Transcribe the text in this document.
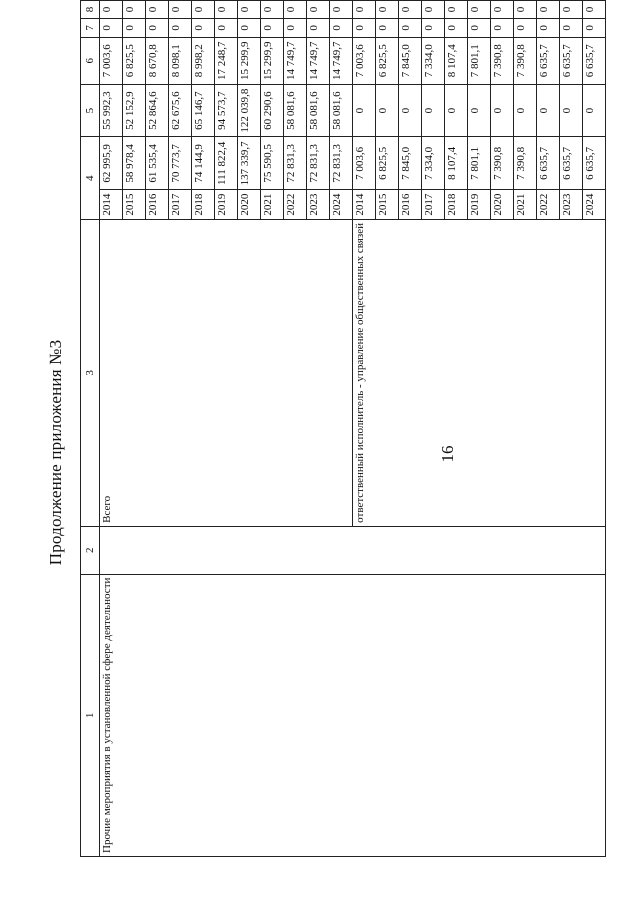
Продолжение приложения №3	16
1	2	3	4		5	6	7	8
Прочие мероприятия в установленной сфере деятельности		Всего	2014	62 995,9	55 992,3	7 003,6	0	0
			2015	58 978,4	52 152,9	6 825,5	0	0
			2016	61 535,4	52 864,6	8 670,8	0	0
			2017	70 773,7	62 675,6	8 098,1	0	0
			2018	74 144,9	65 146,7	8 998,2	0	0
			2019	111 822,4	94 573,7	17 248,7	0	0
			2020	137 339,7	122 039,8	15 299,9	0	0
			2021	75 590,5	60 290,6	15 299,9	0	0
			2022	72 831,3	58 081,6	14 749,7	0	0
			2023	72 831,3	58 081,6	14 749,7	0	0
			2024	72 831,3	58 081,6	14 749,7	0	0
		ответственный исполнитель - управление общественных связей	2014	7 003,6	0	7 003,6	0	0
			2015	6 825,5	0	6 825,5	0	0
			2016	7 845,0	0	7 845,0	0	0
			2017	7 334,0	0	7 334,0	0	0
			2018	8 107,4	0	8 107,4	0	0
			2019	7 801,1	0	7 801,1	0	0
			2020	7 390,8	0	7 390,8	0	0
			2021	7 390,8	0	7 390,8	0	0
			2022	6 635,7	0	6 635,7	0	0
			2023	6 635,7	0	6 635,7	0	0
			2024	6 635,7	0	6 635,7	0	0
